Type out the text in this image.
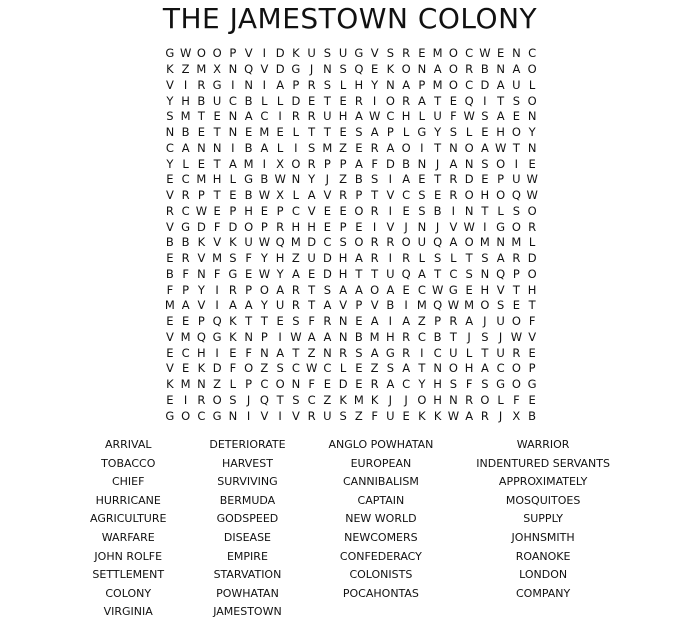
THE JAMESTOWN COLONY
G W O O P V I D K U S U G V S R E M O C W E N C
K Z M X N Q V D G J N S Q E K O N A O R B N A O
V I R G I N I A P R S L H Y N A P M O C D A U L
Y H B U C B L L D E T E R I O R A T E Q I T S O
S M T E N A C I R R U H A W C H L U F W S A E N
N B E T N E M E L T T E S A P L G Y S L E H O Y
C A N N I B A L I S M Z E R A O I T N O A W T N
Y L E T A M I X O R P P A F D B N J A N S O I E
E C M H L G B W N Y J Z B S I A E T R D E P U W
V R P T E B W X L A V R P T V C S E R O H O Q W
R C W E P H E P C V E E O R I E S B I N T L S O
V G D F D O P R H H E P E I V J N J V W I G O R
B B K V K U W Q M D C S O R R O U Q A O M N M L
E R V M S F Y H Z U D H A R I R L S L T S A R D
B F N F G E W Y A E D H T T U Q A T C S N Q P O
F P Y I R P O A R T S A A O A E C W G E H V T H
M A V I A A Y U R T A V P V B I M Q W M O S E T
E E P Q K T T E S F R N E A I A Z P R A J U O F
V M Q G K N P I W A A N B M H R C B T J S J W V
E C H I E F N A T Z N R S A G R I C U L T U R E
V E K D F O Z S C W C L E Z S A T N O H A C O P
K M N Z L P C O N F E D E R A C Y H S F S G O G
E I R O S J Q T S C Z K M K J	J O H N R O L F E
G O C G N I V I V R U S Z F U E K K W A R J X B
ARRIVAL
TOBACCO
CHIEF
HURRICANE
AGRICULTURE
WARFARE
JOHN ROLFE
SETTLEMENT
COLONY
VIRGINIA
DETERIORATE
HARVEST
SURVIVING
BERMUDA
GODSPEED
DISEASE
EMPIRE
STARVATION
POWHATAN
JAMESTOWN
ANGLO POWHATAN
EUROPEAN
CANNIBALISM
CAPTAIN
NEW WORLD
NEWCOMERS
CONFEDERACY
COLONISTS
POCAHONTAS
WARRIOR
INDENTURED SERVANTS
APPROXIMATELY
MOSQUITOES
SUPPLY
JOHNSMITH
ROANOKE
LONDON
COMPANY
